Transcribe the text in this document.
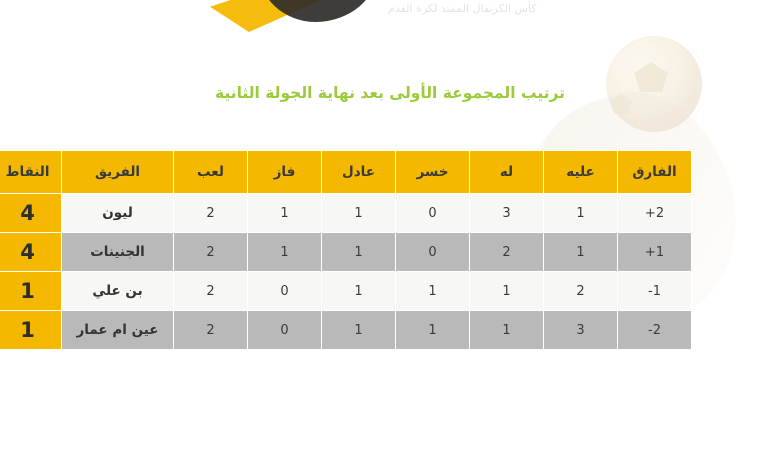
كأس الكرنفال الممتد لكرة القدم
ترتيب المجموعة الأولى بعد نهاية الجولة الثانية
الفارق	عليه	له	خسر	عادل	فاز	لعب	الفريق	النقاط
2+	1	3	0	1	1	2	ليون	4
1+	1	2	0	1	1	2	الجنينات	4
1-	2	1	1	1	0	2	بن علي	1
2-	3	1	1	1	0	2	عين ام عمار	1
